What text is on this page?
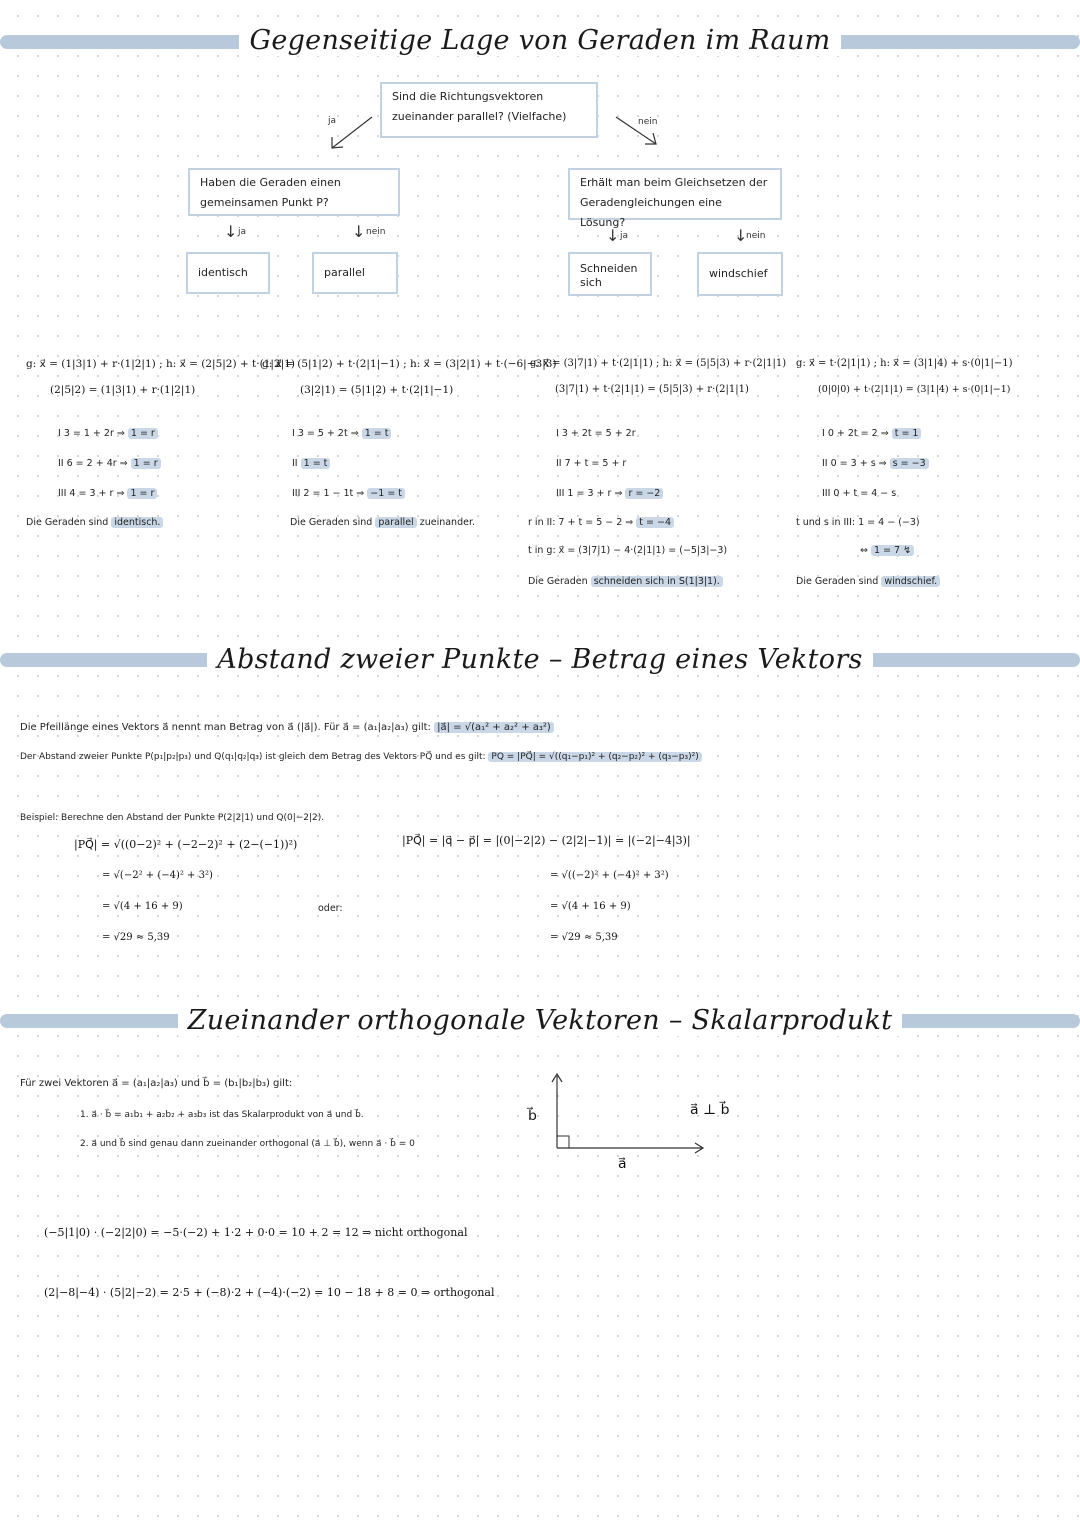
Gegenseitige Lage von Geraden im Raum
Sind die Richtungsvektoren zueinander parallel? (Vielfache)
ja	nein
Haben die Geraden einen gemeinsamen Punkt P?
Erhält man beim Gleichsetzen der Geradengleichungen eine Lösung?
↓ ja	↓ nein	↓ ja	↓
nein
identisch	parallel	Schneiden sich
windschief
g: x⃗ = (1|3|1) + r·(1|2|1) ; h: x⃗ = (2|5|2) + t·(1|2|1)
(2|5|2) = (1|3|1) + r·(1|2|1)
I 3 = 1 + 2r ⇒ 1 = r
II 6 = 2 + 4r ⇒ 1 = r
III 4 = 3 + r ⇒ 1 = r
Die Geraden sind identisch.
g: x⃗ = (5|1|2) + t·(2|1|−1) ; h: x⃗ = (3|2|1) + t·(−6|−3|3)
(3|2|1) = (5|1|2) + t·(2|1|−1)
I 3 = 5 + 2t ⇒ 1 = t
II 1 = t
III 2 = 1 − 1t ⇒ −1 = t
Die Geraden sind parallel zueinander.
g: x⃗ = (3|7|1) + t·(2|1|1) ; h: x⃗ = (5|5|3) + r·(2|1|1)
(3|7|1) + t·(2|1|1) = (5|5|3) + r·(2|1|1)
I 3 + 2t = 5 + 2r
II 7 + t = 5 + r
III 1 = 3 + r ⇒ r = −2
r in II: 7 + t = 5 − 2 ⇒ t = −4
t in g: x⃗ = (3|7|1) − 4·(2|1|1) = (−5|3|−3)
Die Geraden schneiden sich in S(1|3|1).
g: x⃗ = t·(2|1|1) ; h: x⃗ = (3|1|4) + s·(0|1|−1)
(0|0|0) + t·(2|1|1) = (3|1|4) + s·(0|1|−1)
I 0 + 2t = 2 ⇒ t = 1
II 0 = 3 + s ⇒ s = −3
III 0 + t = 4 − s
t und s in III: 1 = 4 − (−3)
⇔ 1 = 7 ↯
Die Geraden sind windschief.
Abstand zweier Punkte – Betrag eines Vektors
Die Pfeillänge eines Vektors a⃗ nennt man Betrag von a⃗ (|a⃗|). Für a⃗ = (a₁|a₂|a₃) gilt: |a⃗| = √(a₁² + a₂² + a₃²)
Der Abstand zweier Punkte P(p₁|p₂|p₃) und Q(q₁|q₂|q₃) ist gleich dem Betrag des Vektors PQ⃗ und es gilt: PQ = |PQ⃗| = √((q₁−p₁)² + (q₂−p₂)² + (q₃−p₃)²)
Beispiel: Berechne den Abstand der Punkte P(2|2|1) und Q(0|−2|2).
|PQ⃗| = √((0−2)² + (−2−2)² + (2−(−1))²)
= √(−2² + (−4)² + 3²)
= √(4 + 16 + 9)
= √29 ≈ 5,39
oder:
|PQ⃗| = |q⃗ − p⃗| = |(0|−2|2) − (2|2|−1)| = |(−2|−4|3)|
= √((−2)² + (−4)² + 3²)
= √(4 + 16 + 9)
= √29 ≈ 5,39
Zueinander orthogonale Vektoren – Skalarprodukt
Für zwei Vektoren a⃗ = (a₁|a₂|a₃) und b⃗ = (b₁|b₂|b₃) gilt:
1. a⃗ · b⃗ = a₁b₁ + a₂b₂ + a₃b₃ ist das Skalarprodukt von a⃗ und b⃗.
2. a⃗ und b⃗ sind genau dann zueinander orthogonal (a⃗ ⊥ b⃗), wenn a⃗ · b⃗ = 0
b⃗
a⃗
a⃗ ⊥ b⃗
(−5|1|0) · (−2|2|0) = −5·(−2) + 1·2 + 0·0 = 10 + 2 = 12 ⇒ nicht orthogonal
(2|−8|−4) · (5|2|−2) = 2·5 + (−8)·2 + (−4)·(−2) = 10 − 18 + 8 = 0 ⇒ orthogonal
